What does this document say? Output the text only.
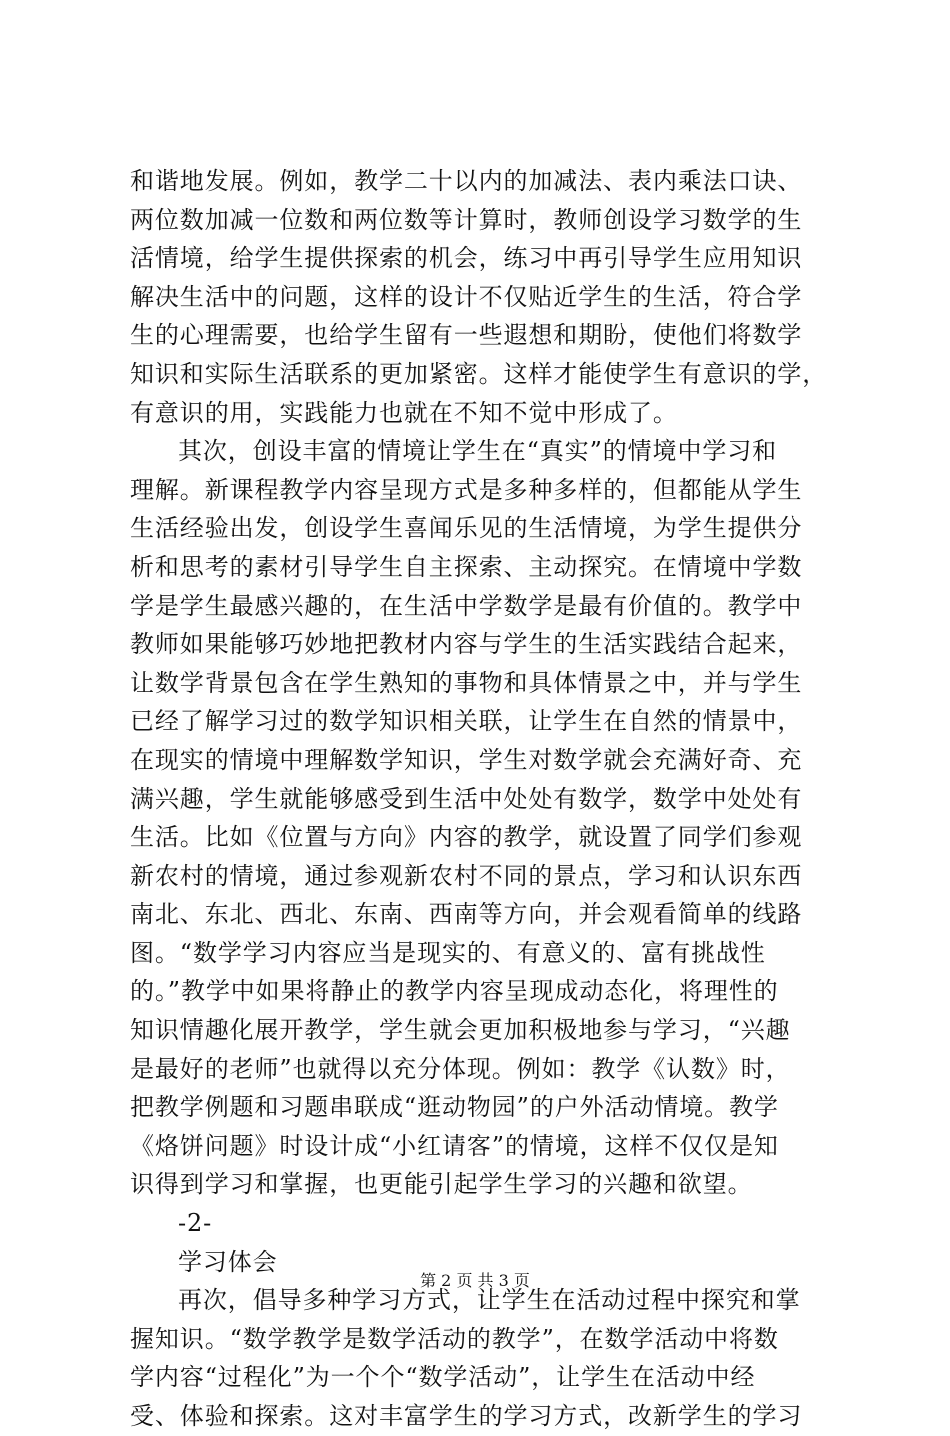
和谐地发展。例如，教学二十以内的加减法、表内乘法口诀、
两位数加减一位数和两位数等计算时，教师创设学习数学的生
活情境，给学生提供探索的机会，练习中再引导学生应用知识
解决生活中的问题，这样的设计不仅贴近学生的生活，符合学
生的心理需要，也给学生留有一些遐想和期盼，使他们将数学
知识和实际生活联系的更加紧密。这样才能使学生有意识的学，
有意识的用，实践能力也就在不知不觉中形成了。
其次，创设丰富的情境让学生在“真实”的情境中学习和
理解。新课程教学内容呈现方式是多种多样的，但都能从学生
生活经验出发，创设学生喜闻乐见的生活情境，为学生提供分
析和思考的素材引导学生自主探索、主动探究。在情境中学数
学是学生最感兴趣的，在生活中学数学是最有价值的。教学中
教师如果能够巧妙地把教材内容与学生的生活实践结合起来，
让数学背景包含在学生熟知的事物和具体情景之中，并与学生
已经了解学习过的数学知识相关联，让学生在自然的情景中，
在现实的情境中理解数学知识，学生对数学就会充满好奇、充
满兴趣，学生就能够感受到生活中处处有数学，数学中处处有
生活。比如《位置与方向》内容的教学，就设置了同学们参观
新农村的情境，通过参观新农村不同的景点，学习和认识东西
南北、东北、西北、东南、西南等方向，并会观看简单的线路
图。“数学学习内容应当是现实的、有意义的、富有挑战性
的。”教学中如果将静止的教学内容呈现成动态化，将理性的
知识情趣化展开教学，学生就会更加积极地参与学习，“兴趣
是最好的老师”也就得以充分体现。例如：教学《认数》时，
把教学例题和习题串联成“逛动物园”的户外活动情境。教学
《烙饼问题》时设计成“小红请客”的情境，这样不仅仅是知
识得到学习和掌握，也更能引起学生学习的兴趣和欲望。
-2-
学习体会
再次，倡导多种学习方式，让学生在活动过程中探究和掌
握知识。“数学教学是数学活动的教学”，在数学活动中将数
学内容“过程化”为一个个“数学活动”，让学生在活动中经
受、体验和探索。这对丰富学生的学习方式，改新学生的学习
第 2 页 共 3 页
